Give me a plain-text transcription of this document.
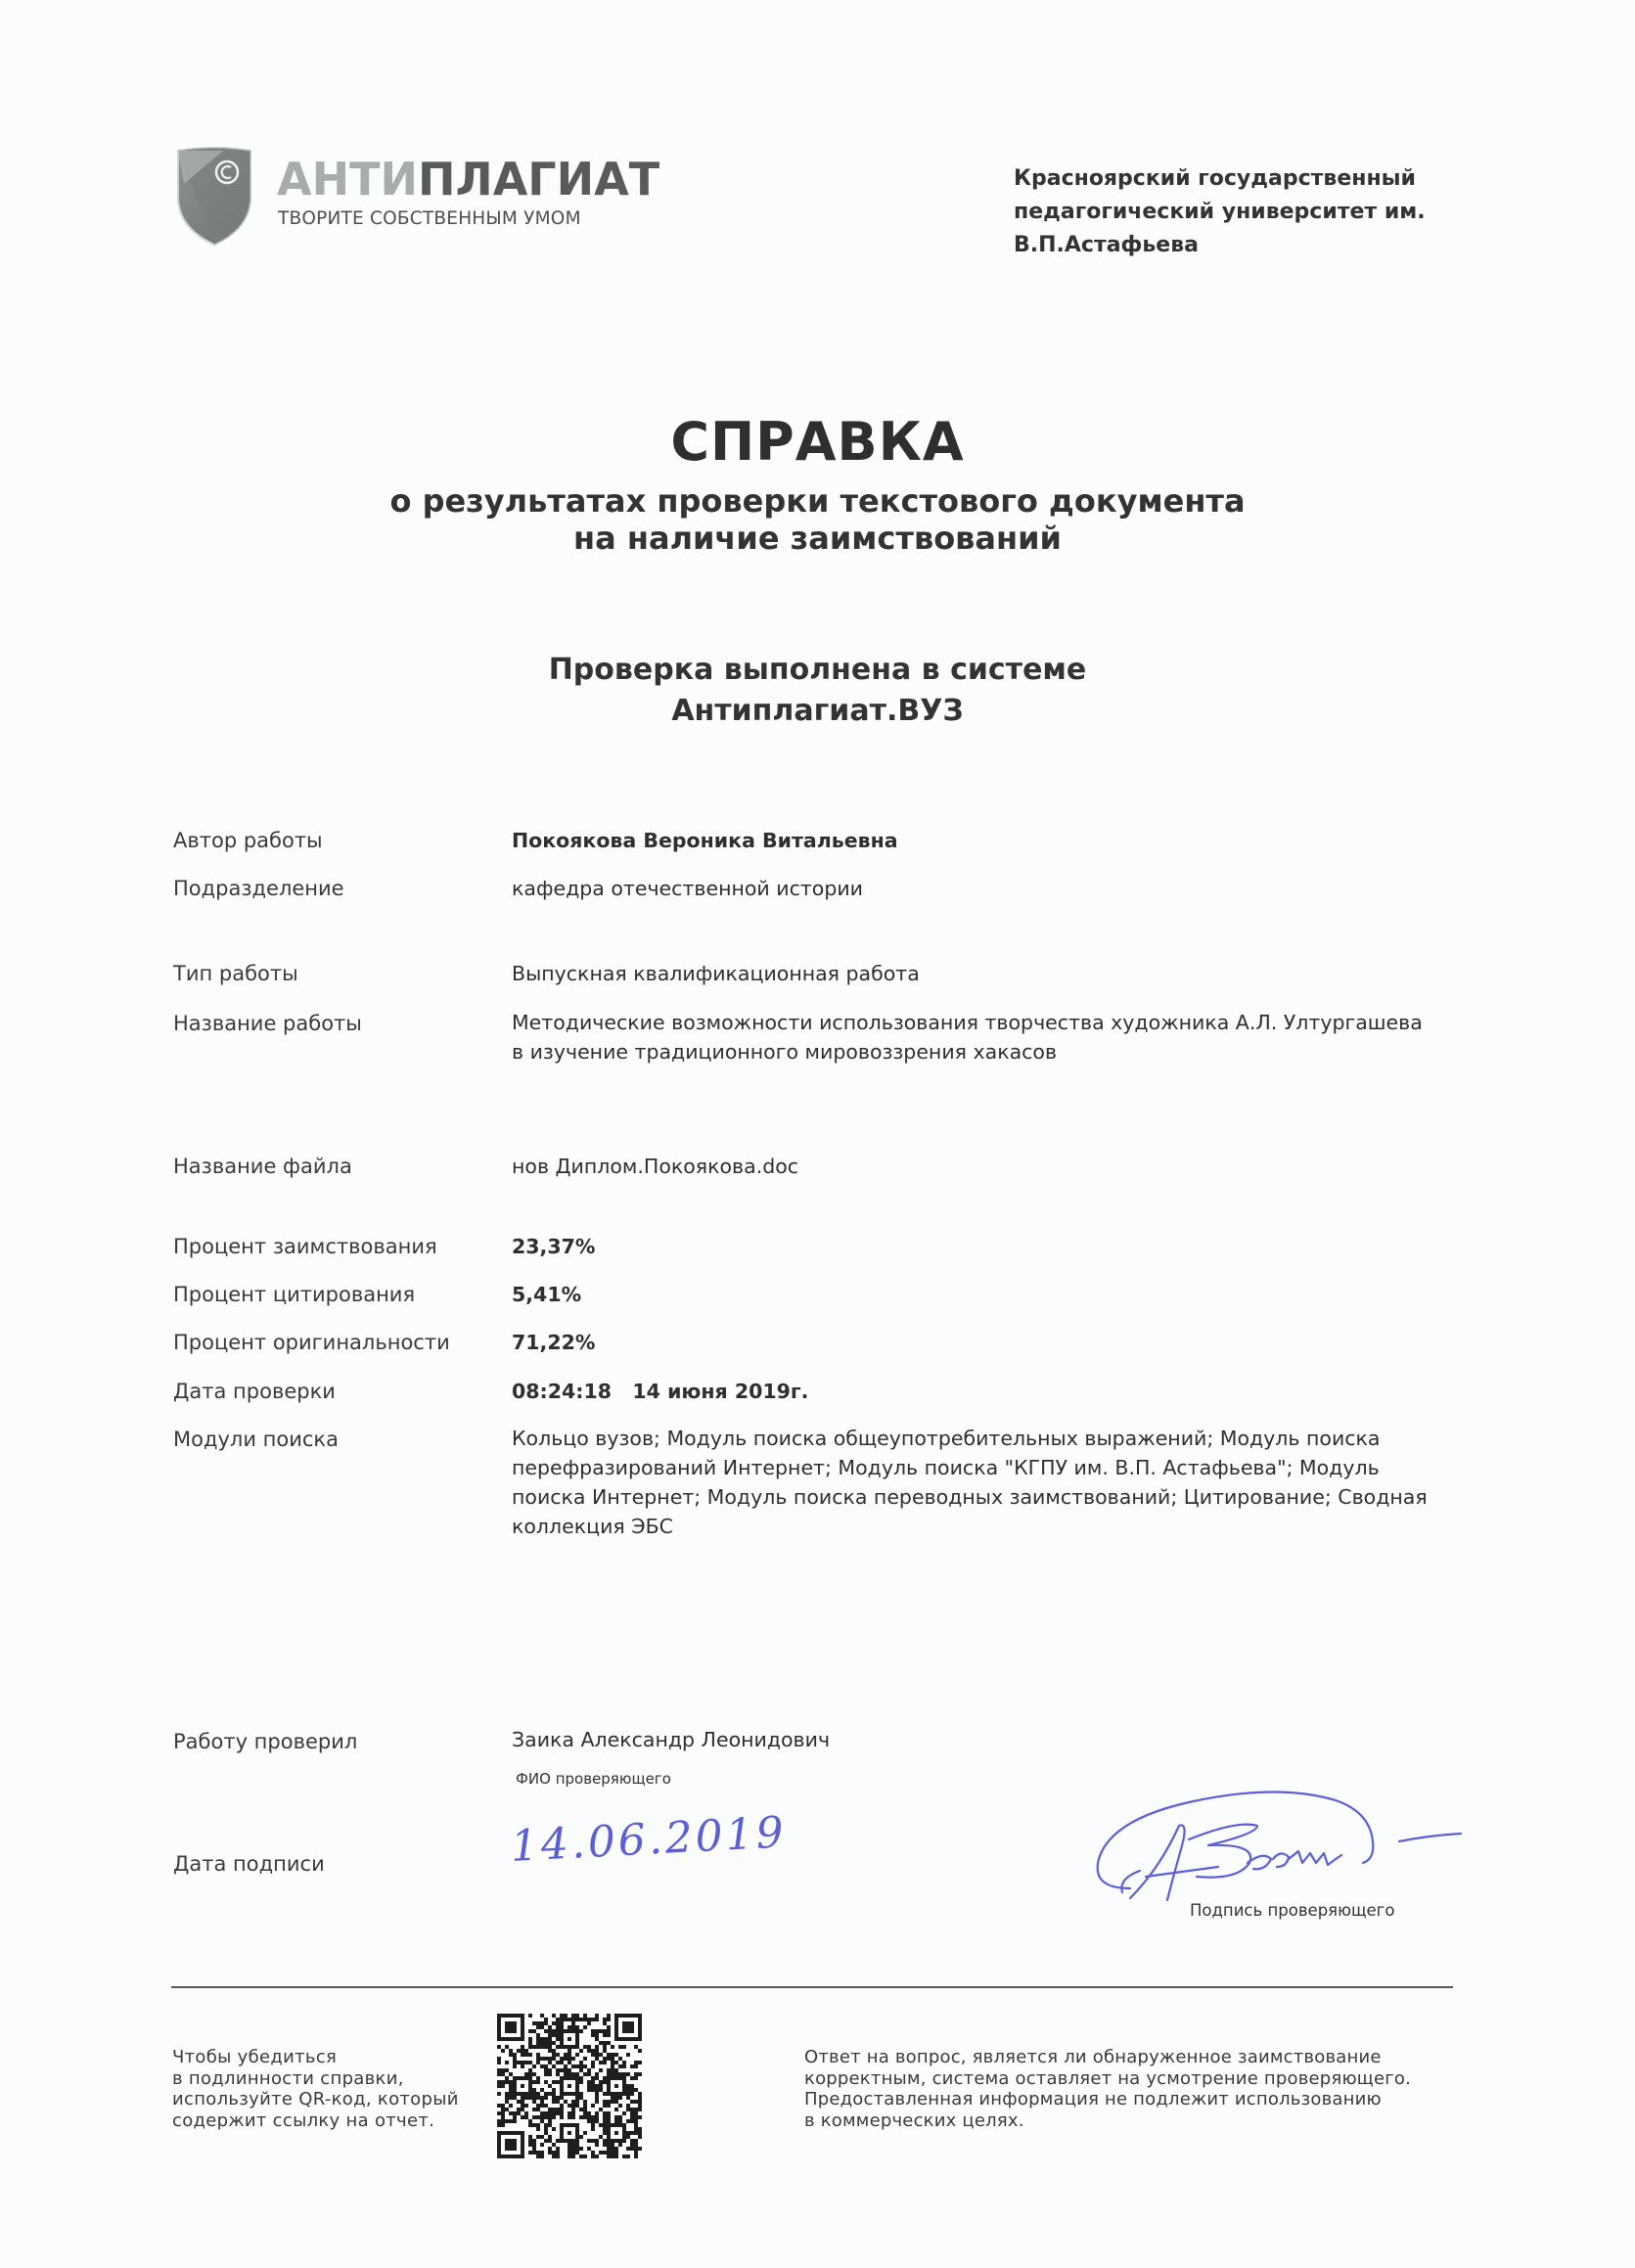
АНТИПЛАГИАТ
ТВОРИТЕ СОБСТВЕННЫМ УМОМ
Красноярский государственный
педагогический университет им.
В.П.Астафьева
СПРАВКА
о результатах проверки текстового документа
на наличие заимствований
Проверка выполнена в системе
Антиплагиат.ВУЗ
Автор работы	Покоякова Вероника Витальевна
Подразделение	кафедра отечественной истории
Тип работы	Выпускная квалификационная работа
Название работы	Методические возможности использования творчества художника А.Л. Ултургашева
в изучение традиционного мировоззрения хакасов
Название файла	нов Диплом.Покоякова.doc
Процент заимствования	23,37%
Процент цитирования	5,41%
Процент оригинальности	71,22%
Дата проверки	08:24:18 14 июня 2019г.
Модули поиска	Кольцо вузов; Модуль поиска общеупотребительных выражений; Модуль поиска
перефразирований Интернет; Модуль поиска "КГПУ им. В.П. Астафьева"; Модуль
поиска Интернет; Модуль поиска переводных заимствований; Цитирование; Сводная
коллекция ЭБС
Работу проверил	Заика Александр Леонидович
ФИО проверяющего
Дата подписи	14.06.2019
Подпись проверяющего
Чтобы убедиться
в подлинности справки,
используйте QR-код, который
содержит ссылку на отчет.
Ответ на вопрос, является ли обнаруженное заимствование
корректным, система оставляет на усмотрение проверяющего.
Предоставленная информация не подлежит использованию
в коммерческих целях.
